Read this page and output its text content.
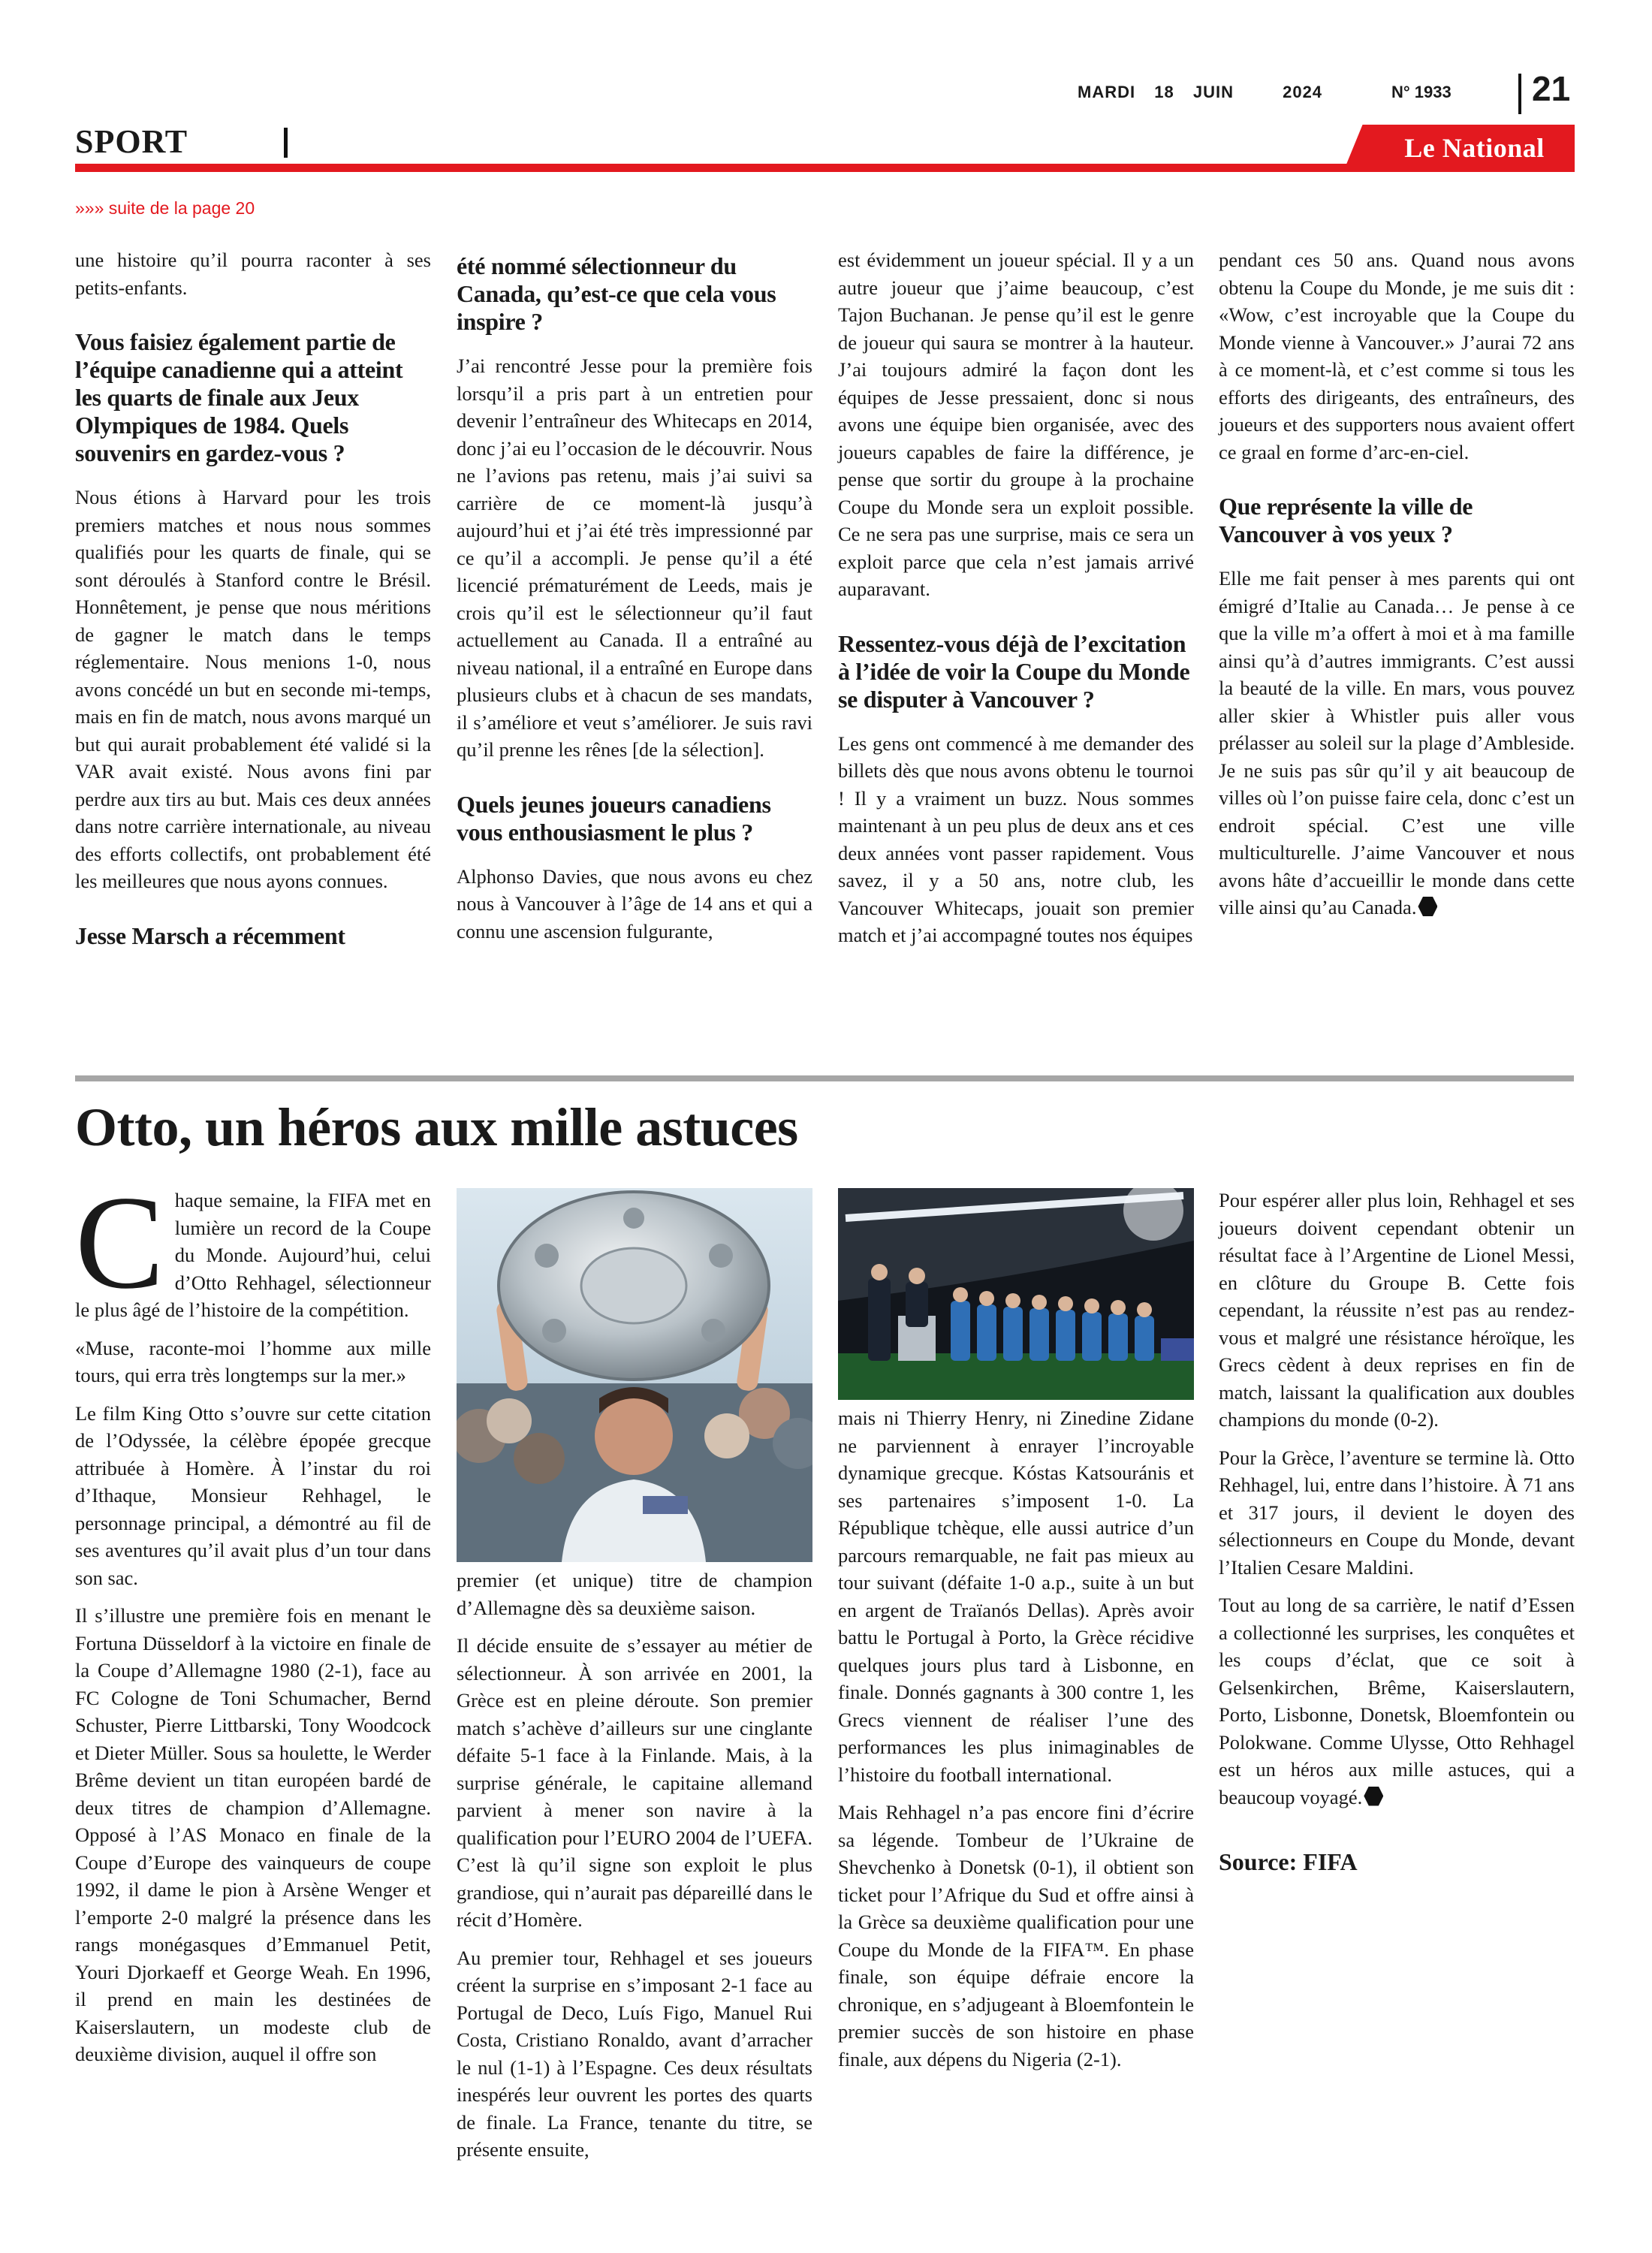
MARDI 18 JUIN	2024	N° 1933 21
SPORT	Le National
»»» suite de la page 20

une histoire qu’il pourra raconter à ses petits-enfants.

Vous faisiez également partie de l’équipe canadienne qui a atteint les quarts de finale aux Jeux Olympiques de 1984. Quels souvenirs en gardez-vous ?

Nous étions à Harvard pour les trois premiers matches et nous nous sommes qualifiés pour les quarts de finale, qui se sont déroulés à Stanford contre le Brésil. Honnêtement, je pense que nous méritions de gagner le match dans le temps réglementaire. Nous menions 1-0, nous avons concédé un but en seconde mi-temps, mais en fin de match, nous avons marqué un but qui aurait probablement été validé si la VAR avait existé. Nous avons fini par perdre aux tirs au but. Mais ces deux années dans notre carrière internationale, au niveau des efforts collectifs, ont probablement été les meilleures que nous ayons connues.

Jesse Marsch a récemment
été nommé sélectionneur du Canada, qu’est-ce que cela vous inspire ?

J’ai rencontré Jesse pour la première fois lorsqu’il a pris part à un entretien pour devenir l’entraîneur des Whitecaps en 2014, donc j’ai eu l’occasion de le découvrir. Nous ne l’avions pas retenu, mais j’ai suivi sa carrière de ce moment-là jusqu’à aujourd’hui et j’ai été très impressionné par ce qu’il a accompli. Je pense qu’il a été licencié prématurément de Leeds, mais je crois qu’il est le sélectionneur qu’il faut actuellement au Canada. Il a entraîné au niveau national, il a entraîné en Europe dans plusieurs clubs et à chacun de ses mandats, il s’améliore et veut s’améliorer. Je suis ravi qu’il prenne les rênes [de la sélection].

Quels jeunes joueurs canadiens vous enthousiasment le plus ?

Alphonso Davies, que nous avons eu chez nous à Vancouver à l’âge de 14 ans et qui a connu une ascension fulgurante,

est évidemment un joueur spécial. Il y a un autre joueur que j’aime beaucoup, c’est Tajon Buchanan. Je pense qu’il est le genre de joueur qui saura se montrer à la hauteur. J’ai toujours admiré la façon dont les équipes de Jesse pressaient, donc si nous avons une équipe bien organisée, avec des joueurs capables de faire la différence, je pense que sortir du groupe à la prochaine Coupe du Monde sera un exploit possible. Ce ne sera pas une surprise, mais ce sera un exploit parce que cela n’est jamais arrivé auparavant.

Ressentez-vous déjà de l’excitation à l’idée de voir la Coupe du Monde se disputer à Vancouver ?

Les gens ont commencé à me demander des billets dès que nous avons obtenu le tournoi ! Il y a vraiment un buzz. Nous sommes maintenant à un peu plus de deux ans et ces deux années vont passer rapidement. Vous savez, il y a 50 ans, notre club, les Vancouver Whitecaps, jouait son premier match et j’ai accompagné toutes nos équipes

pendant ces 50 ans. Quand nous avons obtenu la Coupe du Monde, je me suis dit : «Wow, c’est incroyable que la Coupe du Monde vienne à Vancouver.» J’aurai 72 ans à ce moment-là, et c’est comme si tous les efforts des dirigeants, des entraîneurs, des joueurs et des supporters nous avaient offert ce graal en forme d’arc-en-ciel.

Que représente la ville de Vancouver à vos yeux ?

Elle me fait penser à mes parents qui ont émigré d’Italie au Canada… Je pense à ce que la ville m’a offert à moi et à ma famille ainsi qu’à d’autres immigrants. C’est aussi la beauté de la ville. En mars, vous pouvez aller skier à Whistler puis aller vous prélasser au soleil sur la plage d’Ambleside. Je ne suis pas sûr qu’il y ait beaucoup de villes où l’on puisse faire cela, donc c’est un endroit spécial. C’est une ville multiculturelle. J’aime Vancouver et nous avons hâte d’accueillir le monde dans cette ville ainsi qu’au Canada.

Otto, un héros aux mille astuces

Chaque semaine, la FIFA met en lumière un record de la Coupe du Monde. Aujourd’hui, celui d’Otto Rehhagel, sélectionneur le plus âgé de l’histoire de la compétition.

«Muse, raconte-moi l’homme aux mille tours, qui erra très longtemps sur la mer.»

Le film King Otto s’ouvre sur cette citation de l’Odyssée, la célèbre épopée grecque attribuée à Homère. À l’instar du roi d’Ithaque, Monsieur Rehhagel, le personnage principal, a démontré au fil de ses aventures qu’il avait plus d’un tour dans son sac.

Il s’illustre une première fois en menant le Fortuna Düsseldorf à la victoire en finale de la Coupe d’Allemagne 1980 (2-1), face au FC Cologne de Toni Schumacher, Bernd Schuster, Pierre Littbarski, Tony Woodcock et Dieter Müller. Sous sa houlette, le Werder Brême devient un titan européen bardé de deux titres de champion d’Allemagne. Opposé à l’AS Monaco en finale de la Coupe d’Europe des vainqueurs de coupe 1992, il dame le pion à Arsène Wenger et l’emporte 2-0 malgré la présence dans les rangs monégasques d’Emmanuel Petit, Youri Djorkaeff et George Weah. En 1996, il prend en main les destinées de Kaiserslautern, un modeste club de deuxième division, auquel il offre son

premier (et unique) titre de champion d’Allemagne dès sa deuxième saison.

Il décide ensuite de s’essayer au métier de sélectionneur. À son arrivée en 2001, la Grèce est en pleine déroute. Son premier match s’achève d’ailleurs sur une cinglante défaite 5-1 face à la Finlande. Mais, à la surprise générale, le capitaine allemand parvient à mener son navire à la qualification pour l’EURO 2004 de l’UEFA. C’est là qu’il signe son exploit le plus grandiose, qui n’aurait pas dépareillé dans le récit d’Homère.

Au premier tour, Rehhagel et ses joueurs créent la surprise en s’imposant 2-1 face au Portugal de Deco, Luís Figo, Manuel Rui Costa, Cristiano Ronaldo, avant d’arracher le nul (1-1) à l’Espagne. Ces deux résultats inespérés leur ouvrent les portes des quarts de finale. La France, tenante du titre, se présente ensuite,

mais ni Thierry Henry, ni Zinedine Zidane ne parviennent à enrayer l’incroyable dynamique grecque. Kóstas Katsouránis et ses partenaires s’imposent 1-0. La République tchèque, elle aussi autrice d’un parcours remarquable, ne fait pas mieux au tour suivant (défaite 1-0 a.p., suite à un but en argent de Traïanós Dellas). Après avoir battu le Portugal à Porto, la Grèce récidive quelques jours plus tard à Lisbonne, en finale. Donnés gagnants à 300 contre 1, les Grecs viennent de réaliser l’une des performances les plus inimaginables de l’histoire du football international.

Mais Rehhagel n’a pas encore fini d’écrire sa légende. Tombeur de l’Ukraine de Shevchenko à Donetsk (0-1), il obtient son ticket pour l’Afrique du Sud et offre ainsi à la Grèce sa deuxième qualification pour une Coupe du Monde de la FIFA™. En phase finale, son équipe défraie encore la chronique, en s’adjugeant à Bloemfontein le premier succès de son histoire en phase finale, aux dépens du Nigeria (2-1).

Pour espérer aller plus loin, Rehhagel et ses joueurs doivent cependant obtenir un résultat face à l’Argentine de Lionel Messi, en clôture du Groupe B. Cette fois cependant, la réussite n’est pas au rendez-vous et malgré une résistance héroïque, les Grecs cèdent à deux reprises en fin de match, laissant la qualification aux doubles champions du monde (0-2).

Pour la Grèce, l’aventure se termine là. Otto Rehhagel, lui, entre dans l’histoire. À 71 ans et 317 jours, il devient le doyen des sélectionneurs en Coupe du Monde, devant l’Italien Cesare Maldini.

Tout au long de sa carrière, le natif d’Essen a collectionné les surprises, les conquêtes et les coups d’éclat, que ce soit à Gelsenkirchen, Brême, Kaiserslautern, Porto, Lisbonne, Donetsk, Bloemfontein ou Polokwane. Comme Ulysse, Otto Rehhagel est un héros aux mille astuces, qui a beaucoup voyagé.

Source: FIFA
